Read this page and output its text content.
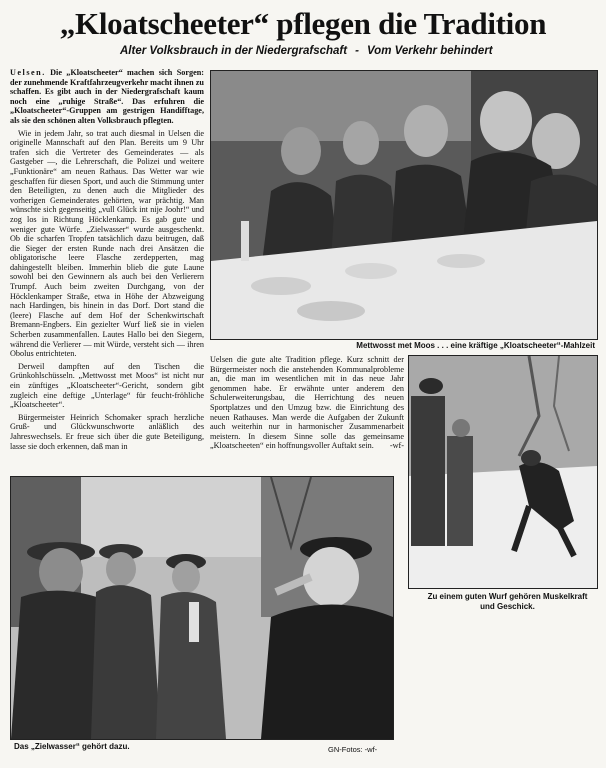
„Kloatscheeter“ pflegen die Tradition
Alter Volksbrauch in der Niedergrafschaft - Vom Verkehr behindert

Uelsen. Die „Kloatscheeter“ machen sich Sorgen: der zunehmende Kraftfahrzeugverkehr macht ihnen zu schaffen. Es gibt auch in der Niedergrafschaft kaum noch eine „ruhige Straße“. Das erfuhren die „Kloatscheeter“-Gruppen am gestrigen Handifftage, als sie den schönen alten Volksbrauch pflegten.

Wie in jedem Jahr, so trat auch diesmal in Uelsen die originelle Mannschaft auf den Plan. Bereits um 9 Uhr trafen sich die Vertreter des Gemeinderates — als Gastgeber —, die Lehrerschaft, die Polizei und weitere „Funktionäre“ am neuen Rathaus. Das Wetter war wie geschaffen für diesen Sport, und auch die Stimmung unter den Beteiligten, zu denen auch die Mitglieder des vorherigen Gemeinderates gehörten, war prächtig. Man wünschte sich gegenseitig „vull Glück int nije Joohr!“ und zog los in Richtung Höcklenkamp. Es gab gute und weniger gute Würfe. „Zielwasser“ wurde ausgeschenkt. Ob die scharfen Tropfen tatsächlich dazu beitrugen, daß die Sieger der ersten Runde nach drei Ansätzen die obligatorische leere Flasche zerdepperten, mag dahingestellt bleiben. Immerhin blieb die gute Laune sowohl bei den Gewinnern als auch bei den Verlierern Trumpf. Auch beim zweiten Durchgang, von der Höcklenkamper Straße, etwa in Höhe der Abzweigung nach Hardingen, bis hinein in das Dorf. Dort stand die (leere) Flasche auf dem Hof der Schenkwirtschaft Bremann-Engbers. Ein gezielter Wurf ließ sie in vielen Scherben zusammenfallen. Lautes Hallo bei den Siegern, während die Verlierer — mit Würde, versteht sich — ihren Obolus entrichteten.

Derweil dampften auf den Tischen die Grünkohlschüsseln. „Mettwosst met Moos“ ist nicht nur ein zünftiges „Kloatscheeter“-Gericht, sondern gibt zugleich eine deftige „Unterlage“ für feucht-fröhliche „Kloatscheeter“.

Bürgermeister Heinrich Schomaker sprach herzliche Gruß- und Glückwunschworte anläßlich des Jahreswechsels. Er freue sich über die gute Beteiligung, lasse sie doch erkennen, daß man in

Mettwosst met Moos . . . eine kräftige „Kloatscheeter“-Mahlzeit

Uelsen die gute alte Tradition pflege. Kurz schnitt der Bürgermeister noch die anstehenden Kommunalprobleme an, die man im wesentlichen mit in das neue Jahr genommen habe. Er erwähnte unter anderem den Schulerweiterungsbau, die Herrichtung des neuen Sportplatzes und den Umzug bzw. die Einrichtung des neuen Rathauses. Man werde die Aufgaben der Zukunft auch weiterhin nur in harmonischer Zusammenarbeit meistern. In diesem Sinne solle das gemeinsame „Kloatscheeten“ ein hoffnungsvoller Auftakt sein. -wf-

Zu einem guten Wurf gehören Muskelkraft
und Geschick.
Das „Zielwasser“ gehört dazu.	GN-Fotos: -wf-
